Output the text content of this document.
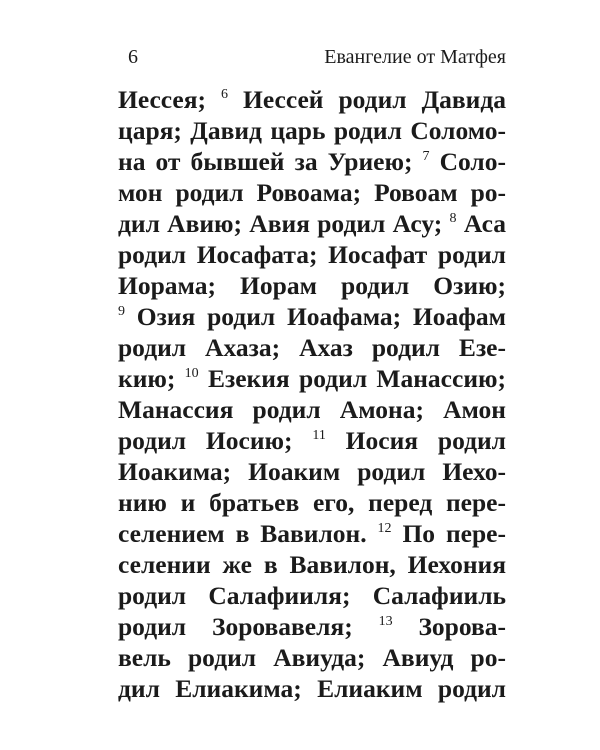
6	Евангелие от Матфея
Иессея; $^6$ Иессей родил Давида
царя; Давид царь родил Соломо-
на от бывшей за Уриею; $^7$ Соло-
мон родил Ровоама; Ровоам ро-
дил Авию; Авия родил Асу; $^8$ Аса
родил Иосафата; Иосафат родил
Иорама; Иорам родил Озию;
$^9$ Озия родил Иоафама; Иоафам
родил Ахаза; Ахаз родил Езе-
кию; $^{10}$ Езекия родил Манассию;
Манассия родил Амона; Амон
родил Иосию; $^{11}$ Иосия родил
Иоакима; Иоаким родил Иехо-
нию и братьев его, перед пере-
селением в Вавилон. $^{12}$ По пере-
селении же в Вавилон, Иехония
родил Салафииля; Салафииль
родил Зоровавеля; $^{13}$ Зорова-
вель родил Авиуда; Авиуд ро-
дил Елиакима; Елиаким родил
